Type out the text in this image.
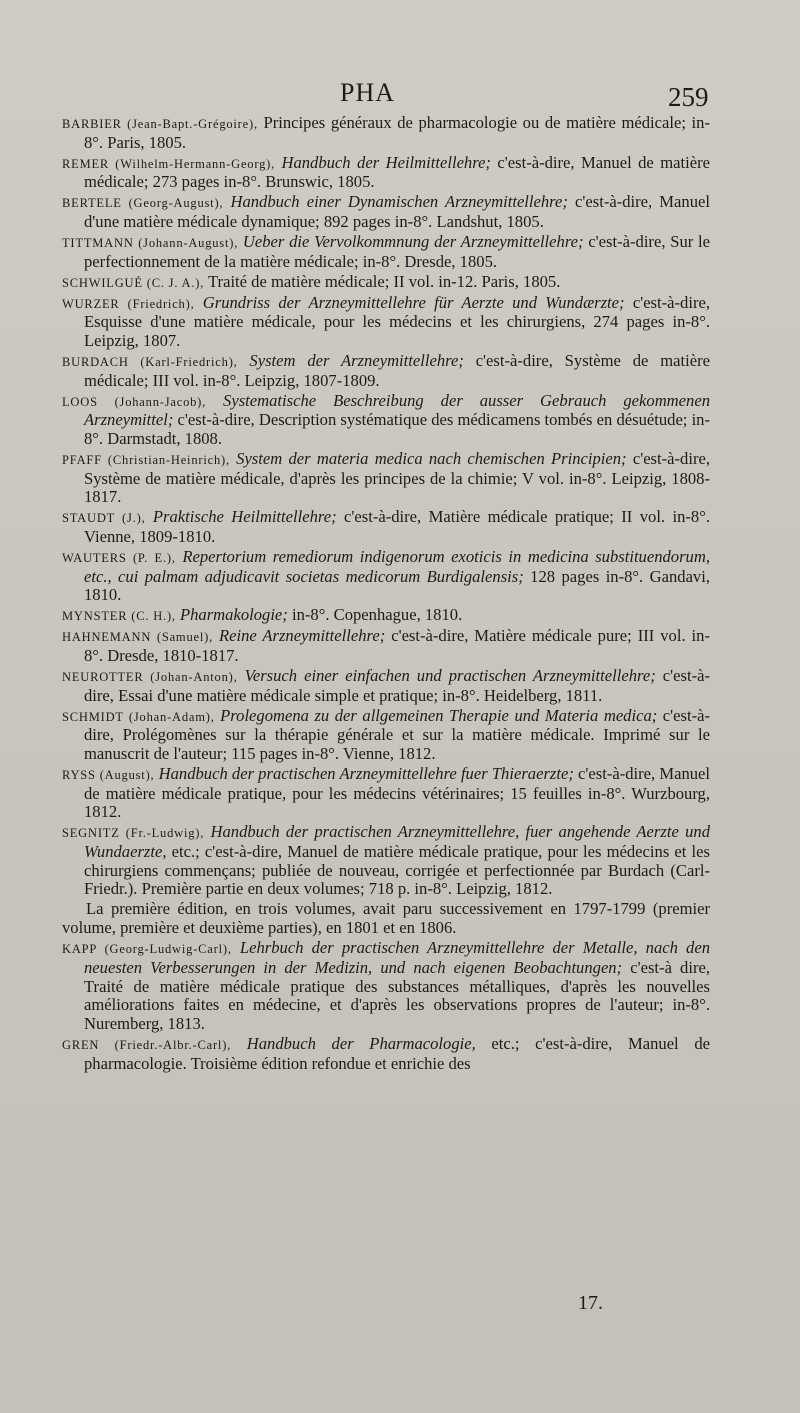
PHA	259

BARBIER (Jean-Bapt.-Grégoire), Principes généraux de pharmacologie ou de matière médicale; in-8°. Paris, 1805.

REMER (Wilhelm-Hermann-Georg), Handbuch der Heilmittellehre; c'est-à-dire, Manuel de matière médicale; 273 pages in-8°. Brunswic, 1805.

BERTELE (Georg-August), Handbuch einer Dynamischen Arzneymittellehre; c'est-à-dire, Manuel d'une matière médicale dynamique; 892 pages in-8°. Landshut, 1805.

TITTMANN (Johann-August), Ueber die Vervolkommnung der Arzneymittellehre; c'est-à-dire, Sur le perfectionnement de la matière médicale; in-8°. Dresde, 1805.

SCHWILGUÉ (C. J. A.), Traité de matière médicale; II vol. in-12. Paris, 1805.

WURZER (Friedrich), Grundriss der Arzneymittellehre für Aerzte und Wundærzte; c'est-à-dire, Esquisse d'une matière médicale, pour les médecins et les chirurgiens, 274 pages in-8°. Leipzig, 1807.

BURDACH (Karl-Friedrich), System der Arzneymittellehre; c'est-à-dire, Système de matière médicale; III vol. in-8°. Leipzig, 1807-1809.

LOOS (Johann-Jacob), Systematische Beschreibung der ausser Gebrauch gekommenen Arzneymittel; c'est-à-dire, Description systématique des médicamens tombés en désuétude; in-8°. Darmstadt, 1808.

PFAFF (Christian-Heinrich), System der materia medica nach chemischen Principien; c'est-à-dire, Système de matière médicale, d'après les principes de la chimie; V vol. in-8°. Leipzig, 1808-1817.

STAUDT (J.), Praktische Heilmittellehre; c'est-à-dire, Matière médicale pratique; II vol. in-8°. Vienne, 1809-1810.

WAUTERS (P. E.), Repertorium remediorum indigenorum exoticis in medicina substituendorum, etc., cui palmam adjudicavit societas medicorum Burdigalensis; 128 pages in-8°. Gandavi, 1810.

MYNSTER (C. H.), Pharmakologie; in-8°. Copenhague, 1810.

HAHNEMANN (Samuel), Reine Arzneymittellehre; c'est-à-dire, Matière médicale pure; III vol. in-8°. Dresde, 1810-1817.

NEUROTTER (Johan-Anton), Versuch einer einfachen und practischen Arzneymittellehre; c'est-à-dire, Essai d'une matière médicale simple et pratique; in-8°. Heidelberg, 1811.

SCHMIDT (Johan-Adam), Prolegomena zu der allgemeinen Therapie und Materia medica; c'est-à-dire, Prolégomènes sur la thérapie générale et sur la matière médicale. Imprimé sur le manuscrit de l'auteur; 115 pages in-8°. Vienne, 1812.

RYSS (August), Handbuch der practischen Arzneymittellehre fuer Thieraerzte; c'est-à-dire, Manuel de matière médicale pratique, pour les médecins vétérinaires; 15 feuilles in-8°. Wurzbourg, 1812.

SEGNITZ (Fr.-Ludwig), Handbuch der practischen Arzneymittellehre, fuer angehende Aerzte und Wundaerzte, etc.; c'est-à-dire, Manuel de matière médicale pratique, pour les médecins et les chirurgiens commençans; publiée de nouveau, corrigée et perfectionnée par Burdach (Carl-Friedr.). Première partie en deux volumes; 718 p. in-8°. Leipzig, 1812.

La première édition, en trois volumes, avait paru successivement en 1797-1799 (premier volume, première et deuxième parties), en 1801 et en 1806.

KAPP (Georg-Ludwig-Carl), Lehrbuch der practischen Arzneymittellehre der Metalle, nach den neuesten Verbesserungen in der Medizin, und nach eigenen Beobachtungen; c'est-à dire, Traité de matière médicale pratique des substances métalliques, d'après les nouvelles améliorations faites en médecine, et d'après les observations propres de l'auteur; in-8°. Nuremberg, 1813.

GREN (Friedr.-Albr.-Carl), Handbuch der Pharmacologie, etc.; c'est-à-dire, Manuel de pharmacologie. Troisième édition refondue et enrichie des

17.
